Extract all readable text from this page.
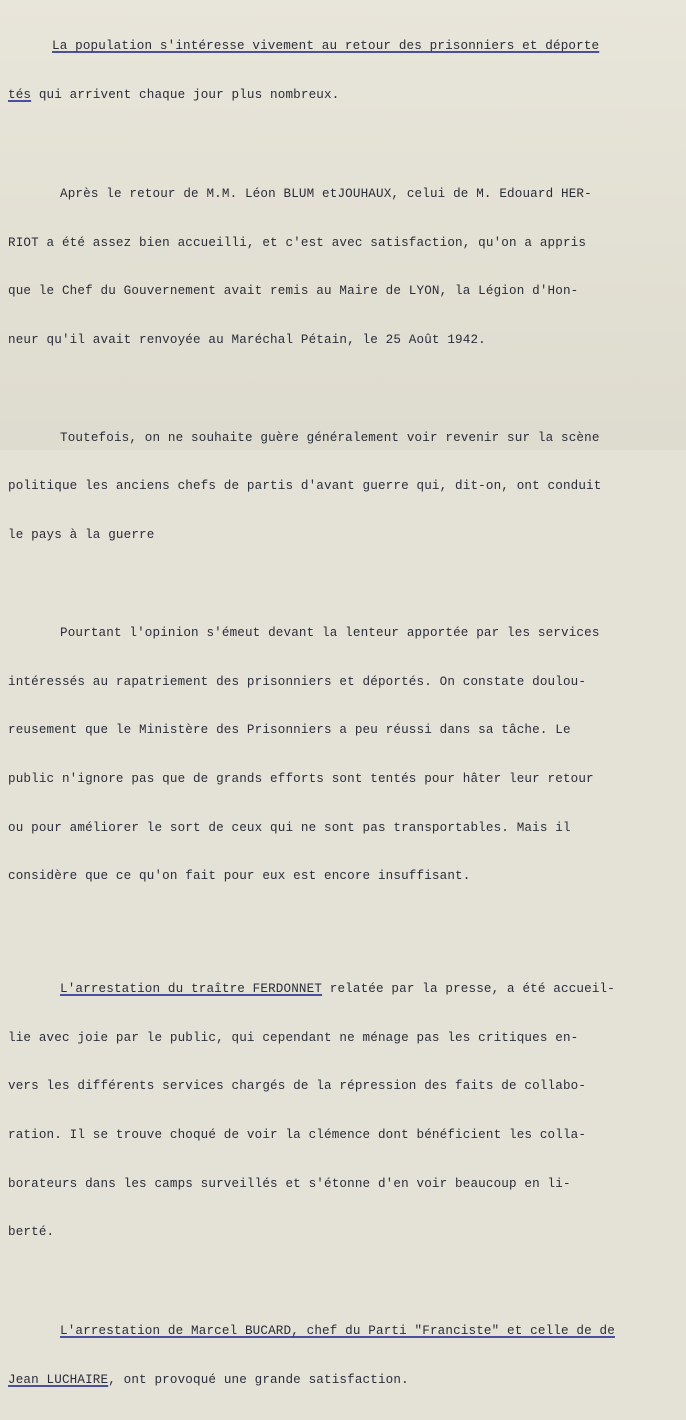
La population s'intéresse vivement au retour des prisonniers et déporte

tés qui arrivent chaque jour plus nombreux.

Après le retour de M.M. Léon BLUM etJOUHAUX, celui de M. Edouard HER-

RIOT a été assez bien accueilli, et c'est avec satisfaction, qu'on a appris

que le Chef du Gouvernement avait remis au Maire de LYON, la Légion d'Hon-

neur qu'il avait renvoyée au Maréchal Pétain, le 25 Août 1942.

Toutefois, on ne souhaite guère généralement voir revenir sur la scène

politique les anciens chefs de partis d'avant guerre qui, dit-on, ont conduit

le pays à la guerre

Pourtant l'opinion s'émeut devant la lenteur apportée par les services

intéressés au rapatriement des prisonniers et déportés. On constate doulou-

reusement que le Ministère des Prisonniers a peu réussi dans sa tâche. Le

public n'ignore pas que de grands efforts sont tentés pour hâter leur retour

ou pour améliorer le sort de ceux qui ne sont pas transportables. Mais il

considère que ce qu'on fait pour eux est encore insuffisant.

L'arrestation du traître FERDONNET relatée par la presse, a été accueil-

lie avec joie par le public, qui cependant ne ménage pas les critiques en-

vers les différents services chargés de la répression des faits de collabo-

ration. Il se trouve choqué de voir la clémence dont bénéficient les colla-

borateurs dans les camps surveillés et s'étonne d'en voir beaucoup en li-

berté.

L'arrestation de Marcel BUCARD, chef du Parti "Franciste" et celle de de

Jean LUCHAIRE, ont provoqué une grande satisfaction.
